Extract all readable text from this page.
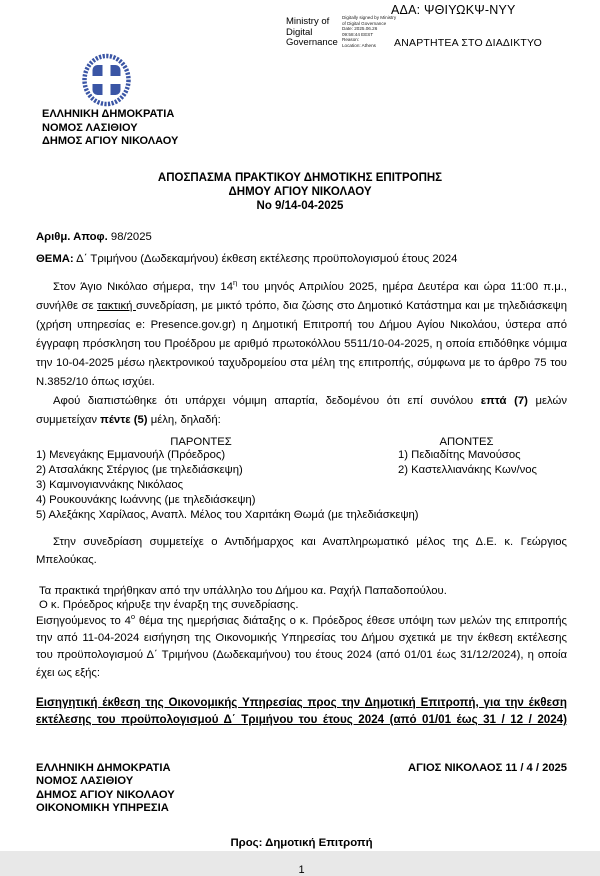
ΑΔΑ: ΨΘΙΥΩΚΨ-ΝΥΥ
Ministry of Digital Governance
Digitally signed by Ministry
of Digital Governance
Date: 2025.06.26
09:58:44 EEST
Reason:
Location: Athens	ΑΝΑΡΤΗΤΕΑ ΣΤΟ ΔΙΑΔΙΚΤΥΟ
ΕΛΛΗΝΙΚΗ ΔΗΜΟΚΡΑΤΙΑ
ΝΟΜΟΣ ΛΑΣΙΘΙΟΥ
ΔΗΜΟΣ ΑΓΙΟΥ ΝΙΚΟΛΑΟΥ
ΑΠΟΣΠΑΣΜΑ ΠΡΑΚΤΙΚΟΥ ΔΗΜΟΤΙΚΗΣ ΕΠΙΤΡΟΠΗΣ
ΔΗΜΟΥ ΑΓΙΟΥ ΝΙΚΟΛΑΟΥ
Νο 9/14-04-2025
Αριθμ. Αποφ. 98/2025
ΘΕΜΑ: Δ΄ Τριμήνου (Δωδεκαμήνου) έκθεση εκτέλεσης προϋπολογισμού έτους 2024
Στον Άγιο Νικόλαο σήμερα, την $14^\eta$ του μηνός Απριλίου 2025, ημέρα Δευτέρα και ώρα 11:00 π.μ., συνήλθε σε τακτική συνεδρίαση, με μικτό τρόπο, δια ζώσης στο Δημοτικό Κατάστημα και με τηλεδιάσκεψη (χρήση υπηρεσίας e: Presence.gov.gr) η Δημοτική Επιτροπή του Δήμου Αγίου Νικολάου, ύστερα από έγγραφη πρόσκληση του Προέδρου με αριθμό πρωτοκόλλου 5511/10-04-2025, η οποία επιδόθηκε νόμιμα την 10-04-2025 μέσω ηλεκτρονικού ταχυδρομείου στα μέλη της επιτροπής, σύμφωνα με το άρθρο 75 του Ν.3852/10 όπως ισχύει.
Αφού διαπιστώθηκε ότι υπάρχει νόμιμη απαρτία, δεδομένου ότι επί συνόλου επτά (7) μελών συμμετείχαν πέντε (5) μέλη, δηλαδή:
ΠΑΡΟΝΤΕΣ	ΑΠΟΝΤΕΣ
1) Μενεγάκης Εμμανουήλ (Πρόεδρος)
2) Ατσαλάκης Στέργιος (με τηλεδιάσκεψη)
3) Καμινογιαννάκης Νικόλαος
4) Ρουκουνάκης Ιωάννης (με τηλεδιάσκεψη)
5) Αλεξάκης Χαρίλαος, Αναπλ. Μέλος του Χαριτάκη Θωμά (με τηλεδιάσκεψη)
1) Πεδιαδίτης Μανούσος
2) Καστελλιανάκης Κων/νος
Στην συνεδρίαση συμμετείχε ο Αντιδήμαρχος και Αναπληρωματικό μέλος της Δ.Ε. κ. Γεώργιος Μπελούκας.
Τα πρακτικά τηρήθηκαν από την υπάλληλο του Δήμου κα. Ραχήλ Παπαδοπούλου.
Ο κ. Πρόεδρος κήρυξε την έναρξη της συνεδρίασης.
Εισηγούμενος το $4^o$ θέμα της ημερήσιας διάταξης ο κ. Πρόεδρος έθεσε υπόψη των μελών της επιτροπής την από 11-04-2024 εισήγηση της Οικονομικής Υπηρεσίας του Δήμου σχετικά με την έκθεση εκτέλεσης του προϋπολογισμού Δ΄ Τριμήνου (Δωδεκαμήνου) του έτους 2024 (από 01/01 έως 31/12/2024), η οποία έχει ως εξής:
Εισηγητική έκθεση της Οικονομικής Υπηρεσίας προς την Δημοτική Επιτροπή, για την έκθεση εκτέλεσης του προϋπολογισμού Δ΄ Τριμήνου του έτους 2024 (από 01/01 έως 31 / 12 / 2024)
ΕΛΛΗΝΙΚΗ ΔΗΜΟΚΡΑΤΙΑ
ΝΟΜΟΣ ΛΑΣΙΘΙΟΥ
ΔΗΜΟΣ ΑΓΙΟΥ ΝΙΚΟΛΑΟΥ
ΟΙΚΟΝΟΜΙΚΗ ΥΠΗΡΕΣΙΑ
ΑΓΙΟΣ ΝΙΚΟΛΑΟΣ 11 / 4 / 2025
Προς: Δημοτική Επιτροπή
1
